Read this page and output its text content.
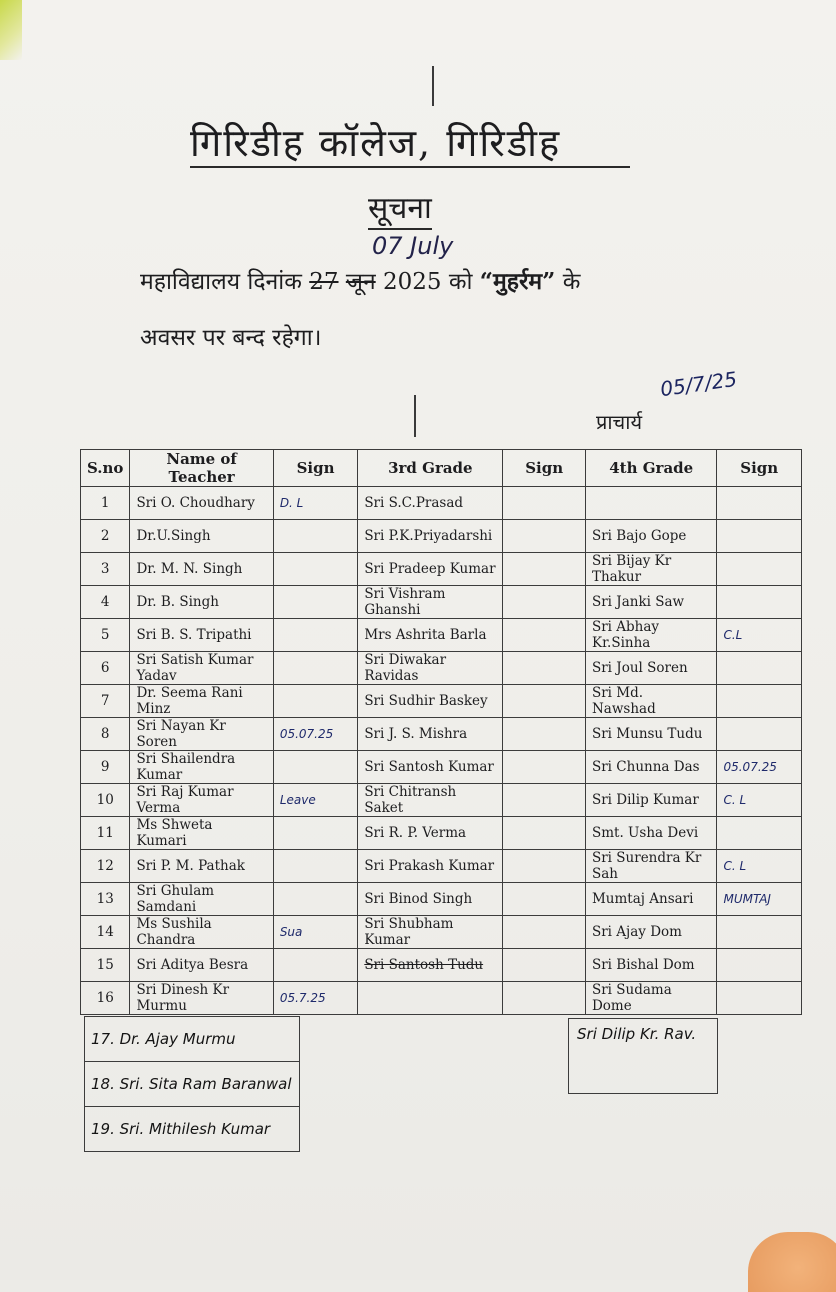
गिरिडीह कॉलेज, गिरिडीह
सूचना
07 July
महाविद्यालय दिनांक 27 जून 2025 को “मुहर्रम” के
अवसर पर बन्द रहेगा।
05/7/25
प्राचार्य
S.no	Name of Teacher	Sign	3rd Grade	Sign	4th Grade	Sign
1	Sri O. Choudhary	D. L	Sri S.C.Prasad			
2	Dr.U.Singh		Sri P.K.Priyadarshi		Sri Bajo Gope	
3	Dr. M. N. Singh		Sri Pradeep Kumar		Sri Bijay Kr Thakur	
4	Dr. B. Singh		Sri Vishram Ghanshi		Sri Janki Saw	
5	Sri B. S. Tripathi		Mrs Ashrita Barla		Sri Abhay Kr.Sinha	C.L
6	Sri Satish Kumar Yadav		Sri Diwakar Ravidas		Sri Joul Soren	
7	Dr. Seema Rani Minz		Sri Sudhir Baskey		Sri Md. Nawshad	
8	Sri Nayan Kr Soren	05.07.25	Sri J. S. Mishra		Sri Munsu Tudu	
9	Sri Shailendra Kumar		Sri Santosh Kumar		Sri Chunna Das	05.07.25
10	Sri Raj Kumar Verma	Leave	Sri Chitransh Saket		Sri Dilip Kumar	C. L
11	Ms Shweta Kumari		Sri R. P. Verma		Smt. Usha Devi	
12	Sri P. M. Pathak		Sri Prakash Kumar		Sri Surendra Kr Sah	C. L
13	Sri Ghulam Samdani		Sri Binod Singh		Mumtaj Ansari	MUMTAJ
14	Ms Sushila Chandra	Sua	Sri Shubham Kumar		Sri Ajay Dom	
15	Sri Aditya Besra		Sri Santosh Tudu		Sri Bishal Dom	
16	Sri Dinesh Kr Murmu	05.7.25			Sri Sudama Dome	
17. Dr. Ajay Murmu
18. Sri. Sita Ram Baranwal
19. Sri. Mithilesh Kumar
Sri Dilip Kr. Rav.
